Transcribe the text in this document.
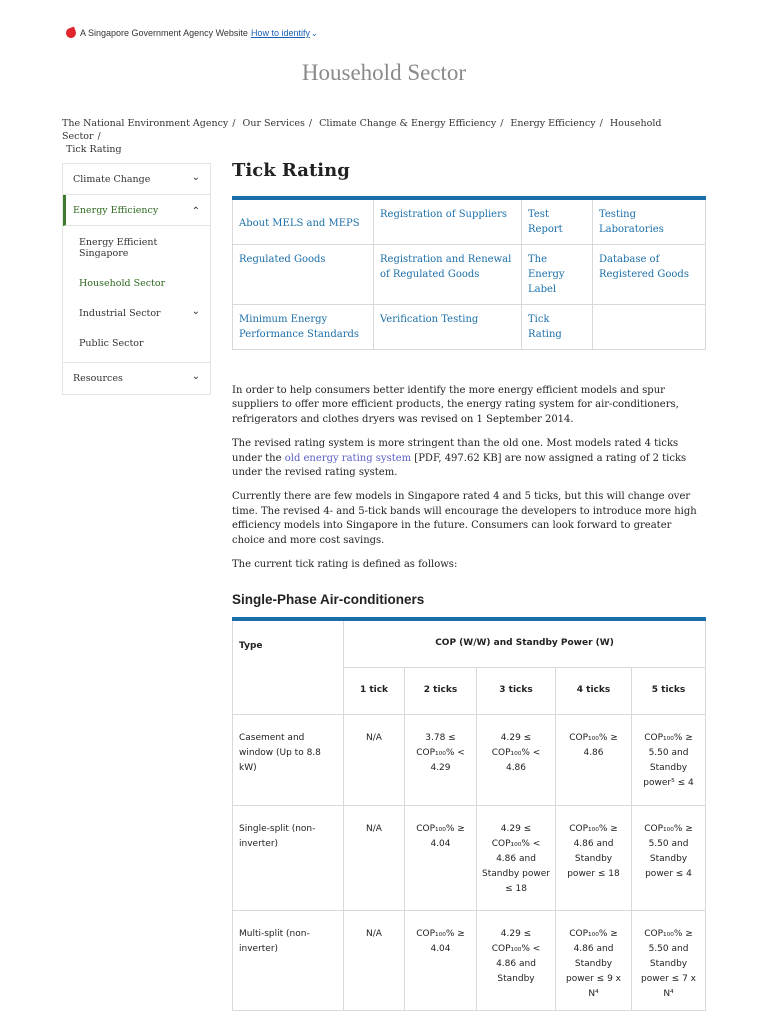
A Singapore Government Agency Website How to identify ⌄
Household Sector
The National Environment Agency / Our Services / Climate Change & Energy Efficiency / Energy Efficiency / Household Sector /
Tick Rating
Climate Change	⌄
Energy Efficiency	⌃
Energy Efficient Singapore
Household Sector
Industrial Sector	⌄
Public Sector
Resources	⌄
Tick Rating
About MELS and MEPS	Registration of Suppliers	Test Report	Testing Laboratories
Regulated Goods	Registration and Renewal of Regulated Goods	The Energy Label	Database of Registered Goods
Minimum Energy Performance Standards	Verification Testing	Tick Rating	

In order to help consumers better identify the more energy efficient models and spur suppliers to offer more efficient products, the energy rating system for air-conditioners, refrigerators and clothes dryers was revised on 1 September 2014.

The revised rating system is more stringent than the old one. Most models rated 4 ticks under the old energy rating system [PDF, 497.62 KB] are now assigned a rating of 2 ticks under the revised rating system.

Currently there are few models in Singapore rated 4 and 5 ticks, but this will change over time. The revised 4- and 5-tick bands will encourage the developers to introduce more high efficiency models into Singapore in the future. Consumers can look forward to greater choice and more cost savings.

The current tick rating is defined as follows:

Single-Phase Air-conditioners
Type	COP (W/W) and Standby Power (W)				
	1 tick	2 ticks	3 ticks	4 ticks	5 ticks
Casement and window (Up to 8.8 kW)	N/A	3.78 ≤ COP₁₀₀% < 4.29	4.29 ≤ COP₁₀₀% < 4.86	COP₁₀₀% ≥ 4.86	COP₁₀₀% ≥ 5.50 and Standby power⁵ ≤ 4
Single-split (non-inverter)	N/A	COP₁₀₀% ≥ 4.04	4.29 ≤ COP₁₀₀% < 4.86 and Standby power ≤ 18	COP₁₀₀% ≥ 4.86 and Standby power ≤ 18	COP₁₀₀% ≥ 5.50 and Standby power ≤ 4
Multi-split (non-inverter)	N/A	COP₁₀₀% ≥ 4.04	4.29 ≤ COP₁₀₀% < 4.86 and Standby	COP₁₀₀% ≥ 4.86 and Standby power ≤ 9 x N⁴	COP₁₀₀% ≥ 5.50 and Standby power ≤ 7 x N⁴
